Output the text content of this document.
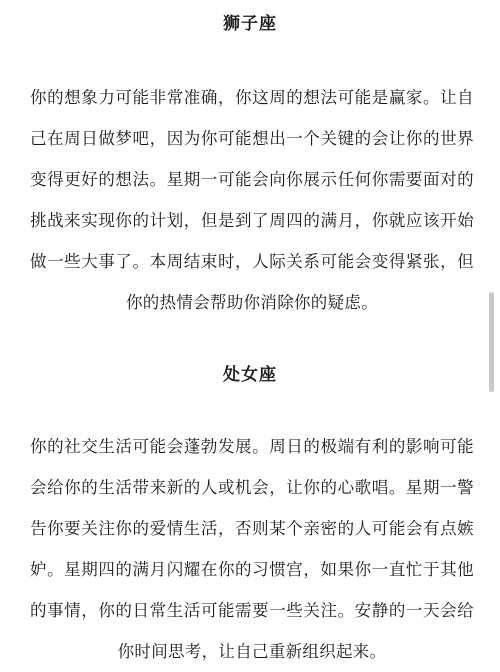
狮子座
你的想象力可能非常准确，你这周的想法可能是赢家。让自己在周日做梦吧，因为你可能想出一个关键的会让你的世界变得更好的想法。星期一可能会向你展示任何你需要面对的挑战来实现你的计划，但是到了周四的满月，你就应该开始做一些大事了。本周结束时，人际关系可能会变得紧张，但你的热情会帮助你消除你的疑虑。
处女座
你的社交生活可能会蓬勃发展。周日的极端有利的影响可能会给你的生活带来新的人或机会，让你的心歌唱。星期一警告你要关注你的爱情生活，否则某个亲密的人可能会有点嫉妒。星期四的满月闪耀在你的习惯宫，如果你一直忙于其他的事情，你的日常生活可能需要一些关注。安静的一天会给你时间思考，让自己重新组织起来。
